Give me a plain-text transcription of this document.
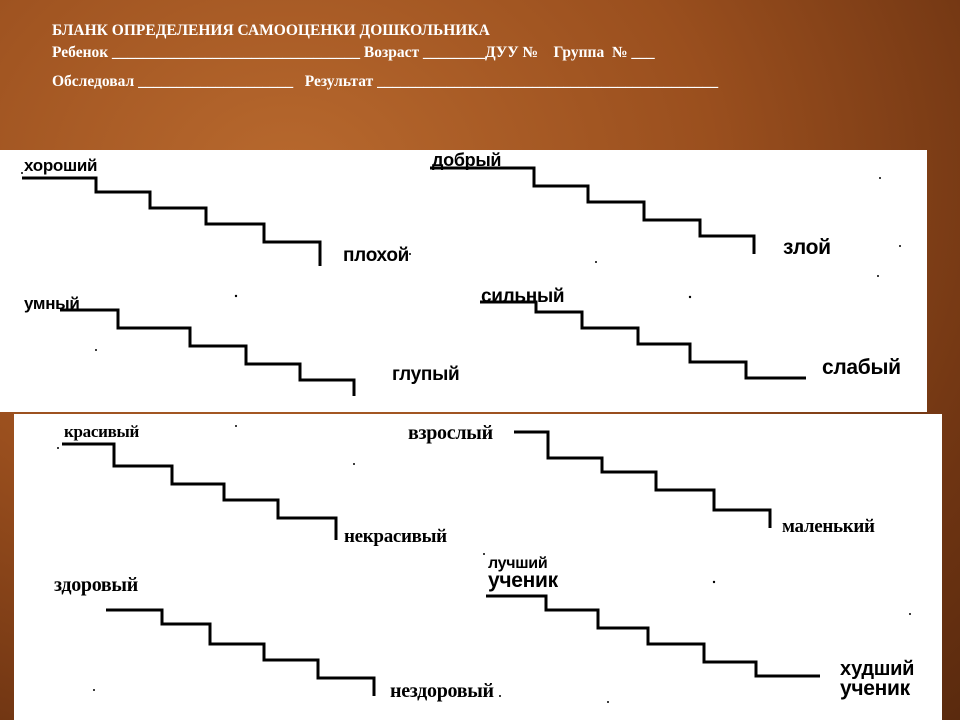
БЛАНК ОПРЕДЕЛЕНИЯ САМООЦЕНКИ ДОШКОЛЬНИКА
Ребенок ________________________________ Возраст ________ДУУ №    Группа  № ___
Обследовал ____________________   Результат ____________________________________________
хороший
плохой
добрый
злой
умный
глупый
сильный
слабый
красивый
некрасивый
взрослый
маленький
здоровый
нездоровый
лучший
ученик
худший
ученик
